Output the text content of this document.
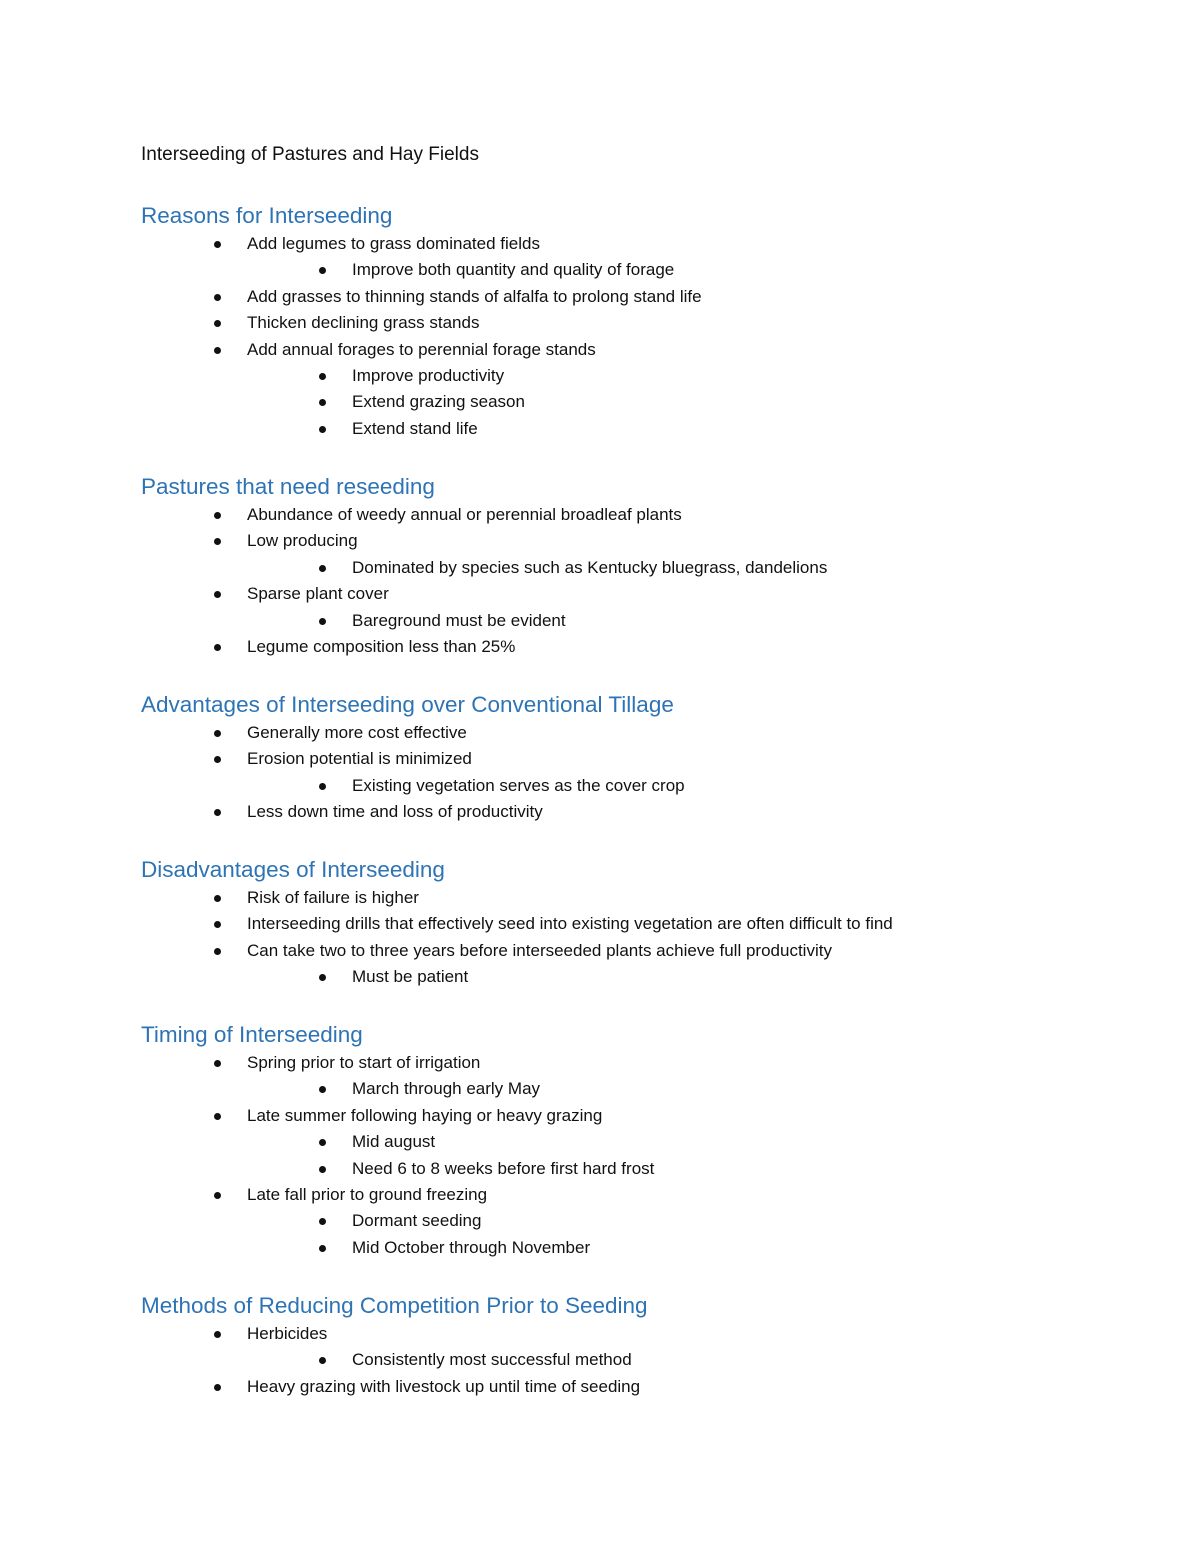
Interseeding of Pastures and Hay Fields
Reasons for Interseeding
Add legumes to grass dominated fields
Improve both quantity and quality of forage
Add grasses to thinning stands of alfalfa to prolong stand life
Thicken declining grass stands
Add annual forages to perennial forage stands
Improve productivity
Extend grazing season
Extend stand life
Pastures that need reseeding
Abundance of weedy annual or perennial broadleaf plants
Low producing
Dominated by species such as Kentucky bluegrass, dandelions
Sparse plant cover
Bareground must be evident
Legume composition less than 25%
Advantages of Interseeding over Conventional Tillage
Generally more cost effective
Erosion potential is minimized
Existing vegetation serves as the cover crop
Less down time and loss of productivity
Disadvantages of Interseeding
Risk of failure is higher
Interseeding drills that effectively seed into existing vegetation are often difficult to find
Can take two to three years before interseeded plants achieve full productivity
Must be patient
Timing of Interseeding
Spring prior to start of irrigation
March through early May
Late summer following haying or heavy grazing
Mid august
Need 6 to 8 weeks before first hard frost
Late fall prior to ground freezing
Dormant seeding
Mid October through November
Methods of Reducing Competition Prior to Seeding
Herbicides
Consistently most successful method
Heavy grazing with livestock up until time of seeding
